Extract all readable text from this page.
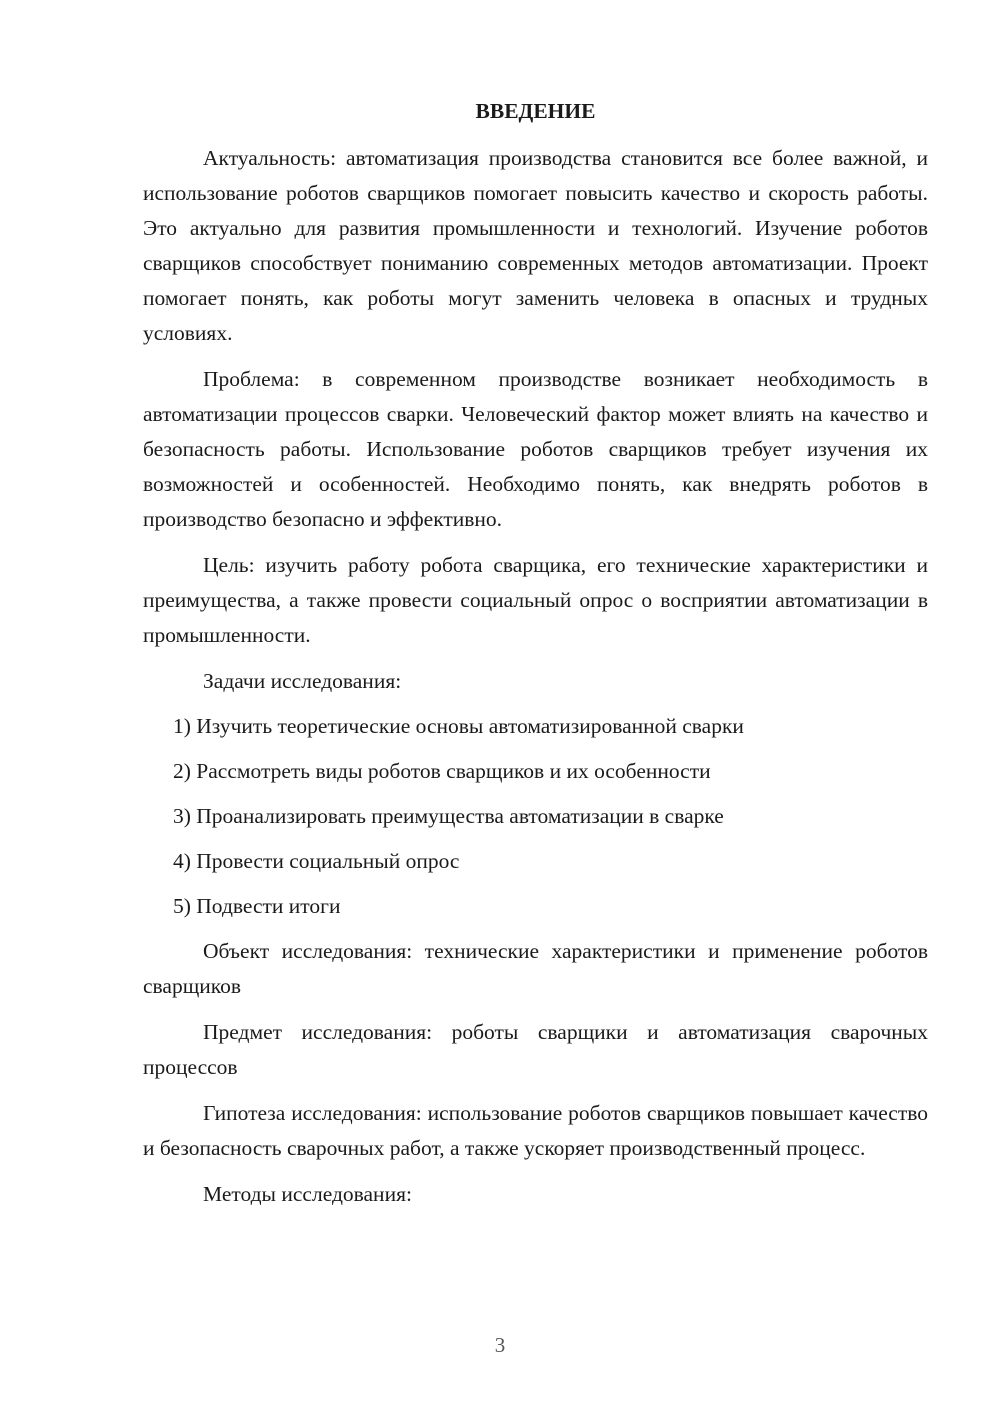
ВВЕДЕНИЕ

Актуальность: автоматизация производства становится все более важной, и использование роботов сварщиков помогает повысить качество и скорость работы. Это актуально для развития промышленности и технологий. Изучение роботов сварщиков способствует пониманию современных методов автоматизации. Проект помогает понять, как роботы могут заменить человека в опасных и трудных условиях.

Проблема: в современном производстве возникает необходимость в автоматизации процессов сварки. Человеческий фактор может влиять на качество и безопасность работы. Использование роботов сварщиков требует изучения их возможностей и особенностей. Необходимо понять, как внедрять роботов в производство безопасно и эффективно.

Цель: изучить работу робота сварщика, его технические характеристики и преимущества, а также провести социальный опрос о восприятии автоматизации в промышленности.

Задачи исследования:

1) Изучить теоретические основы автоматизированной сварки

2) Рассмотреть виды роботов сварщиков и их особенности

3) Проанализировать преимущества автоматизации в сварке

4) Провести социальный опрос

5) Подвести итоги

Объект исследования: технические характеристики и применение роботов сварщиков

Предмет исследования: роботы сварщики и автоматизация сварочных процессов

Гипотеза исследования: использование роботов сварщиков повышает качество и безопасность сварочных работ, а также ускоряет производственный процесс.

Методы исследования:

3
